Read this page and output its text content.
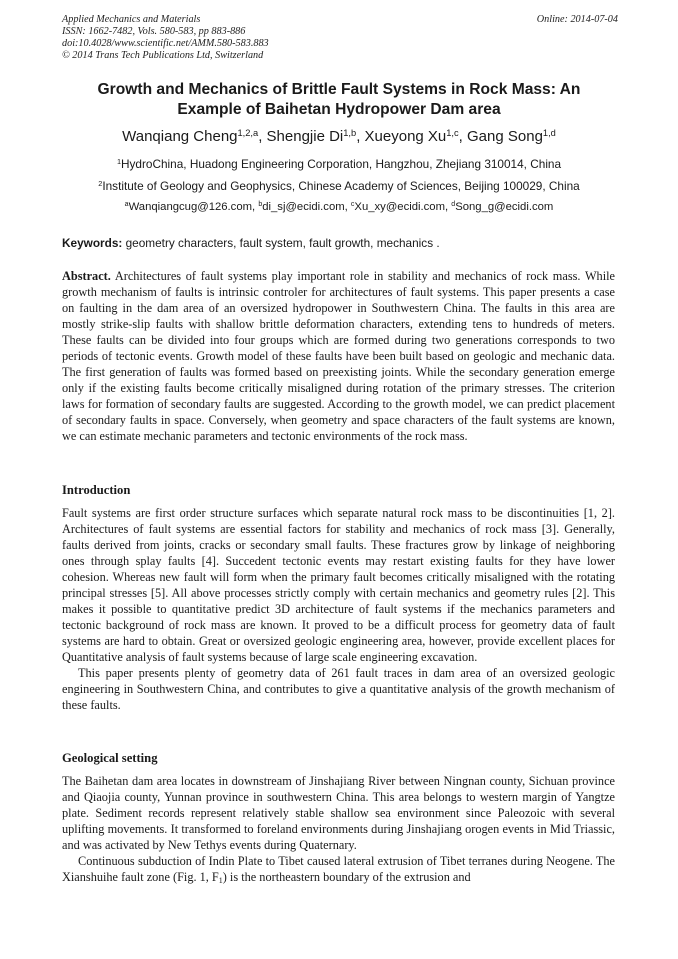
Applied Mechanics and Materials
ISSN: 1662-7482, Vols. 580-583, pp 883-886
doi:10.4028/www.scientific.net/AMM.580-583.883
© 2014 Trans Tech Publications Ltd, Switzerland
Online: 2014-07-04
Growth and Mechanics of Brittle Fault Systems in Rock Mass: An
Example of Baihetan Hydropower Dam area
Wanqiang Cheng$^{1,2,a}$, Shengjie Di$^{1,b}$, Xueyong Xu$^{1,c}$, Gang Song$^{1,d}$
$^1$HydroChina, Huadong Engineering Corporation, Hangzhou, Zhejiang 310014, China
$^2$Institute of Geology and Geophysics, Chinese Academy of Sciences, Beijing 100029, China
$^a$Wanqiangcug@126.com, $^b$di_sj@ecidi.com, $^c$Xu_xy@ecidi.com, $^d$Song_g@ecidi.com
Keywords: geometry characters, fault system, fault growth, mechanics .

Abstract. Architectures of fault systems play important role in stability and mechanics of rock mass. While growth mechanism of faults is intrinsic controler for architectures of fault systems. This paper presents a case on faulting in the dam area of an oversized hydropower in Southwestern China. The faults in this area are mostly strike-slip faults with shallow brittle deformation characters, extending tens to hundreds of meters. These faults can be divided into four groups which are formed during two generations corresponds to two periods of tectonic events. Growth model of these faults have been built based on geologic and mechanic data. The first generation of faults was formed based on preexisting joints. While the secondary generation emerge only if the existing faults become critically misaligned during rotation of the primary stresses. The criterion laws for formation of secondary faults are suggested. According to the growth model, we can predict placement of secondary faults in space. Conversely, when geometry and space characters of the fault systems are known, we can estimate mechanic parameters and tectonic environments of the rock mass.

Introduction

Fault systems are first order structure surfaces which separate natural rock mass to be discontinuities [1, 2]. Architectures of fault systems are essential factors for stability and mechanics of rock mass [3]. Generally, faults derived from joints, cracks or secondary small faults. These fractures grow by linkage of neighboring ones through splay faults [4]. Succedent tectonic events may restart existing faults for they have lower cohesion. Whereas new fault will form when the primary fault becomes critically misaligned with the rotating principal stresses [5]. All above processes strictly comply with certain mechanics and geometry rules [2]. This makes it possible to quantitative predict 3D architecture of fault systems if the mechanics parameters and tectonic background of rock mass are known. It proved to be a difficult process for geometry data of fault systems are hard to obtain. Great or oversized geologic engineering area, however, provide excellent places for Quantitative analysis of fault systems because of large scale engineering excavation.

This paper presents plenty of geometry data of 261 fault traces in dam area of an oversized geologic engineering in Southwestern China, and contributes to give a quantitative analysis of the growth mechanism of these faults.

Geological setting

The Baihetan dam area locates in downstream of Jinshajiang River between Ningnan county, Sichuan province and Qiaojia county, Yunnan province in southwestern China. This area belongs to western margin of Yangtze plate. Sediment records represent relatively stable shallow sea environment since Paleozoic with several uplifting movements. It transformed to foreland environments during Jinshajiang orogen events in Mid Triassic, and was activated by New Tethys events during Quaternary.

Continuous subduction of Indin Plate to Tibet caused lateral extrusion of Tibet terranes during Neogene. The Xianshuihe fault zone (Fig. 1, $F_1$) is the northeastern boundary of the extrusion and
